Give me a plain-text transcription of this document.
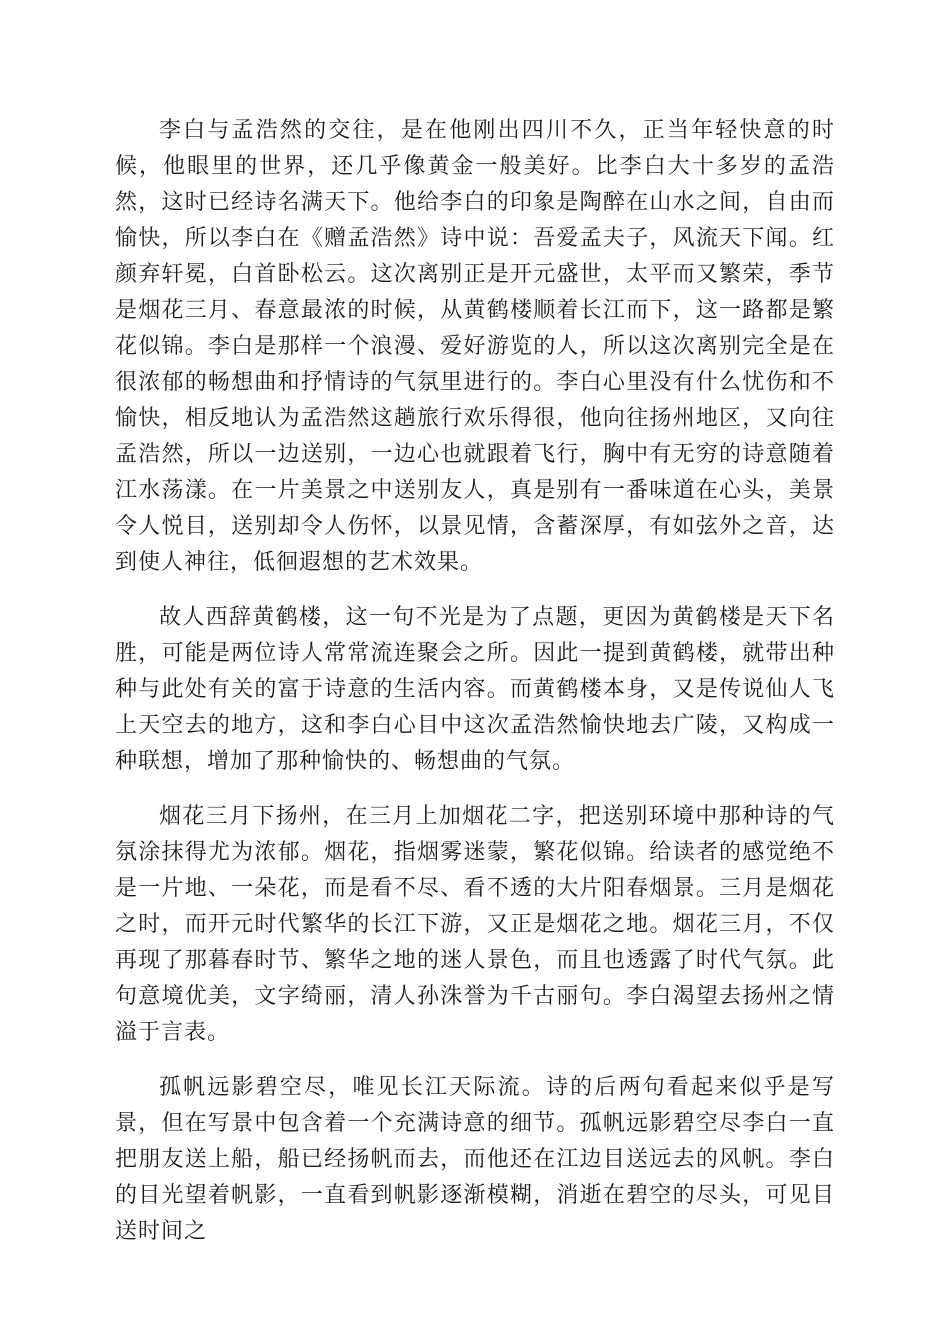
李白与孟浩然的交往，是在他刚出四川不久，正当年轻快意的时候，他眼里的世界，还几乎像黄金一般美好。比李白大十多岁的孟浩然，这时已经诗名满天下。他给李白的印象是陶醉在山水之间，自由而愉快，所以李白在《赠孟浩然》诗中说：吾爱孟夫子，风流天下闻。红颜弃轩冕，白首卧松云。这次离别正是开元盛世，太平而又繁荣，季节是烟花三月、春意最浓的时候，从黄鹤楼顺着长江而下，这一路都是繁花似锦。李白是那样一个浪漫、爱好游览的人，所以这次离别完全是在很浓郁的畅想曲和抒情诗的气氛里进行的。李白心里没有什么忧伤和不愉快，相反地认为孟浩然这趟旅行欢乐得很，他向往扬州地区，又向往孟浩然，所以一边送别，一边心也就跟着飞行，胸中有无穷的诗意随着江水荡漾。在一片美景之中送别友人，真是别有一番味道在心头，美景令人悦目，送别却令人伤怀，以景见情，含蓄深厚，有如弦外之音，达到使人神往，低徊遐想的艺术效果。

故人西辞黄鹤楼，这一句不光是为了点题，更因为黄鹤楼是天下名胜，可能是两位诗人常常流连聚会之所。因此一提到黄鹤楼，就带出种种与此处有关的富于诗意的生活内容。而黄鹤楼本身，又是传说仙人飞上天空去的地方，这和李白心目中这次孟浩然愉快地去广陵，又构成一种联想，增加了那种愉快的、畅想曲的气氛。

烟花三月下扬州，在三月上加烟花二字，把送别环境中那种诗的气氛涂抹得尤为浓郁。烟花，指烟雾迷蒙，繁花似锦。给读者的感觉绝不是一片地、一朵花，而是看不尽、看不透的大片阳春烟景。三月是烟花之时，而开元时代繁华的长江下游，又正是烟花之地。烟花三月，不仅再现了那暮春时节、繁华之地的迷人景色，而且也透露了时代气氛。此句意境优美，文字绮丽，清人孙洙誉为千古丽句。李白渴望去扬州之情溢于言表。

孤帆远影碧空尽，唯见长江天际流。诗的后两句看起来似乎是写景，但在写景中包含着一个充满诗意的细节。孤帆远影碧空尽李白一直把朋友送上船，船已经扬帆而去，而他还在江边目送远去的风帆。李白的目光望着帆影，一直看到帆影逐渐模糊，消逝在碧空的尽头，可见目送时间之
